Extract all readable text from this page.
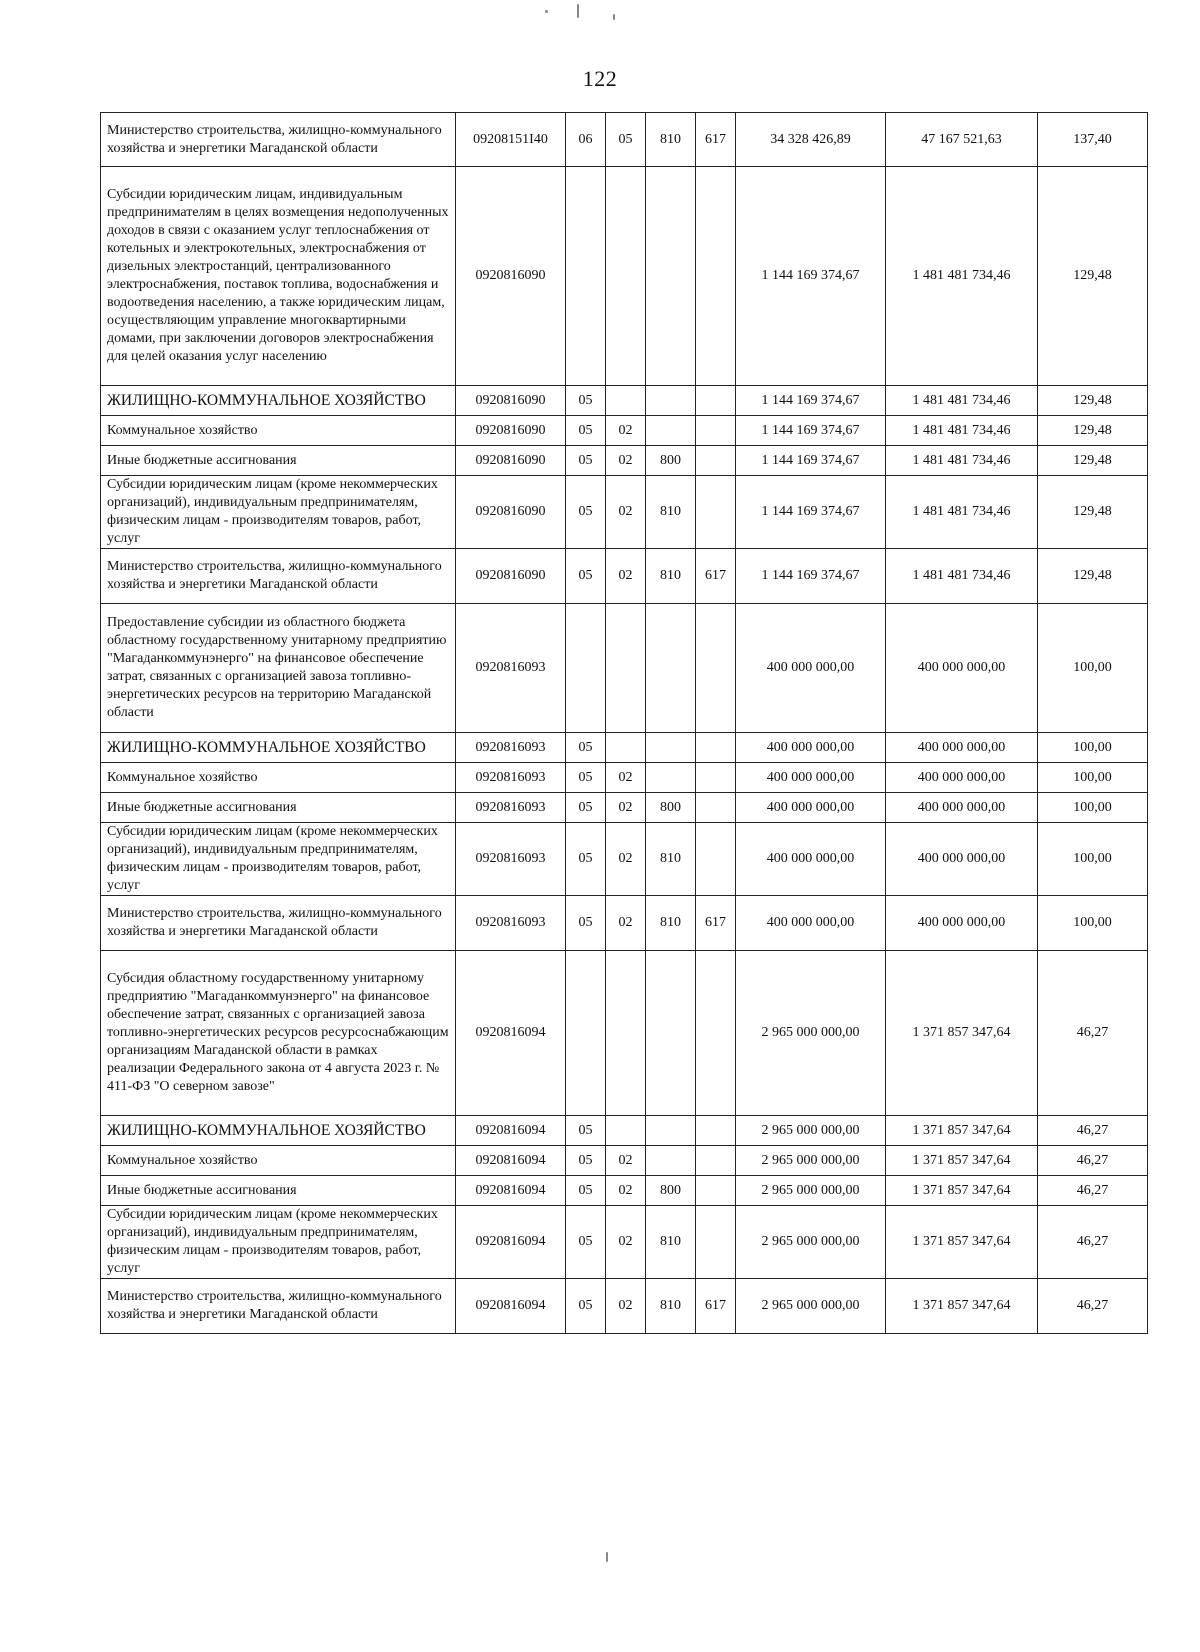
122
Министерство строительства, жилищно-коммунального хозяйства и энергетики Магаданской области	09208151I40	06	05	810	617	34 328 426,89	47 167 521,63	137,40
Субсидии юридическим лицам, индивидуальным предпринимателям в целях возмещения недополученных доходов в связи с оказанием услуг теплоснабжения от котельных и электрокотельных, электроснабжения от дизельных электростанций, централизованного электроснабжения, поставок топлива, водоснабжения и водоотведения населению, а также юридическим лицам, осуществляющим управление многоквартирными домами, при заключении договоров электроснабжения для целей оказания услуг населению	0920816090					1 144 169 374,67	1 481 481 734,46	129,48
ЖИЛИЩНО-КОММУНАЛЬНОЕ ХОЗЯЙСТВО	0920816090	05				1 144 169 374,67	1 481 481 734,46	129,48
Коммунальное хозяйство	0920816090	05	02			1 144 169 374,67	1 481 481 734,46	129,48
Иные бюджетные ассигнования	0920816090	05	02	800		1 144 169 374,67	1 481 481 734,46	129,48
Субсидии юридическим лицам (кроме некоммерческих организаций), индивидуальным предпринимателям, физическим лицам - производителям товаров, работ, услуг	0920816090	05	02	810		1 144 169 374,67	1 481 481 734,46	129,48
Министерство строительства, жилищно-коммунального хозяйства и энергетики Магаданской области	0920816090	05	02	810	617	1 144 169 374,67	1 481 481 734,46	129,48
Предоставление субсидии из областного бюджета областному государственному унитарному предприятию "Магаданкоммунэнерго" на финансовое обеспечение затрат, связанных с организацией завоза топливно-энергетических ресурсов на территорию Магаданской области	0920816093					400 000 000,00	400 000 000,00	100,00
ЖИЛИЩНО-КОММУНАЛЬНОЕ ХОЗЯЙСТВО	0920816093	05				400 000 000,00	400 000 000,00	100,00
Коммунальное хозяйство	0920816093	05	02			400 000 000,00	400 000 000,00	100,00
Иные бюджетные ассигнования	0920816093	05	02	800		400 000 000,00	400 000 000,00	100,00
Субсидии юридическим лицам (кроме некоммерческих организаций), индивидуальным предпринимателям, физическим лицам - производителям товаров, работ, услуг	0920816093	05	02	810		400 000 000,00	400 000 000,00	100,00
Министерство строительства, жилищно-коммунального хозяйства и энергетики Магаданской области	0920816093	05	02	810	617	400 000 000,00	400 000 000,00	100,00
Субсидия областному государственному унитарному предприятию "Магаданкоммунэнерго" на финансовое обеспечение затрат, связанных с организацией завоза топливно-энергетических ресурсов ресурсоснабжающим организациям Магаданской области в рамках реализации Федерального закона от 4 августа 2023 г. № 411-ФЗ "О северном завозе"	0920816094					2 965 000 000,00	1 371 857 347,64	46,27
ЖИЛИЩНО-КОММУНАЛЬНОЕ ХОЗЯЙСТВО	0920816094	05				2 965 000 000,00	1 371 857 347,64	46,27
Коммунальное хозяйство	0920816094	05	02			2 965 000 000,00	1 371 857 347,64	46,27
Иные бюджетные ассигнования	0920816094	05	02	800		2 965 000 000,00	1 371 857 347,64	46,27
Субсидии юридическим лицам (кроме некоммерческих организаций), индивидуальным предпринимателям, физическим лицам - производителям товаров, работ, услуг	0920816094	05	02	810		2 965 000 000,00	1 371 857 347,64	46,27
Министерство строительства, жилищно-коммунального хозяйства и энергетики Магаданской области	0920816094	05	02	810	617	2 965 000 000,00	1 371 857 347,64	46,27
